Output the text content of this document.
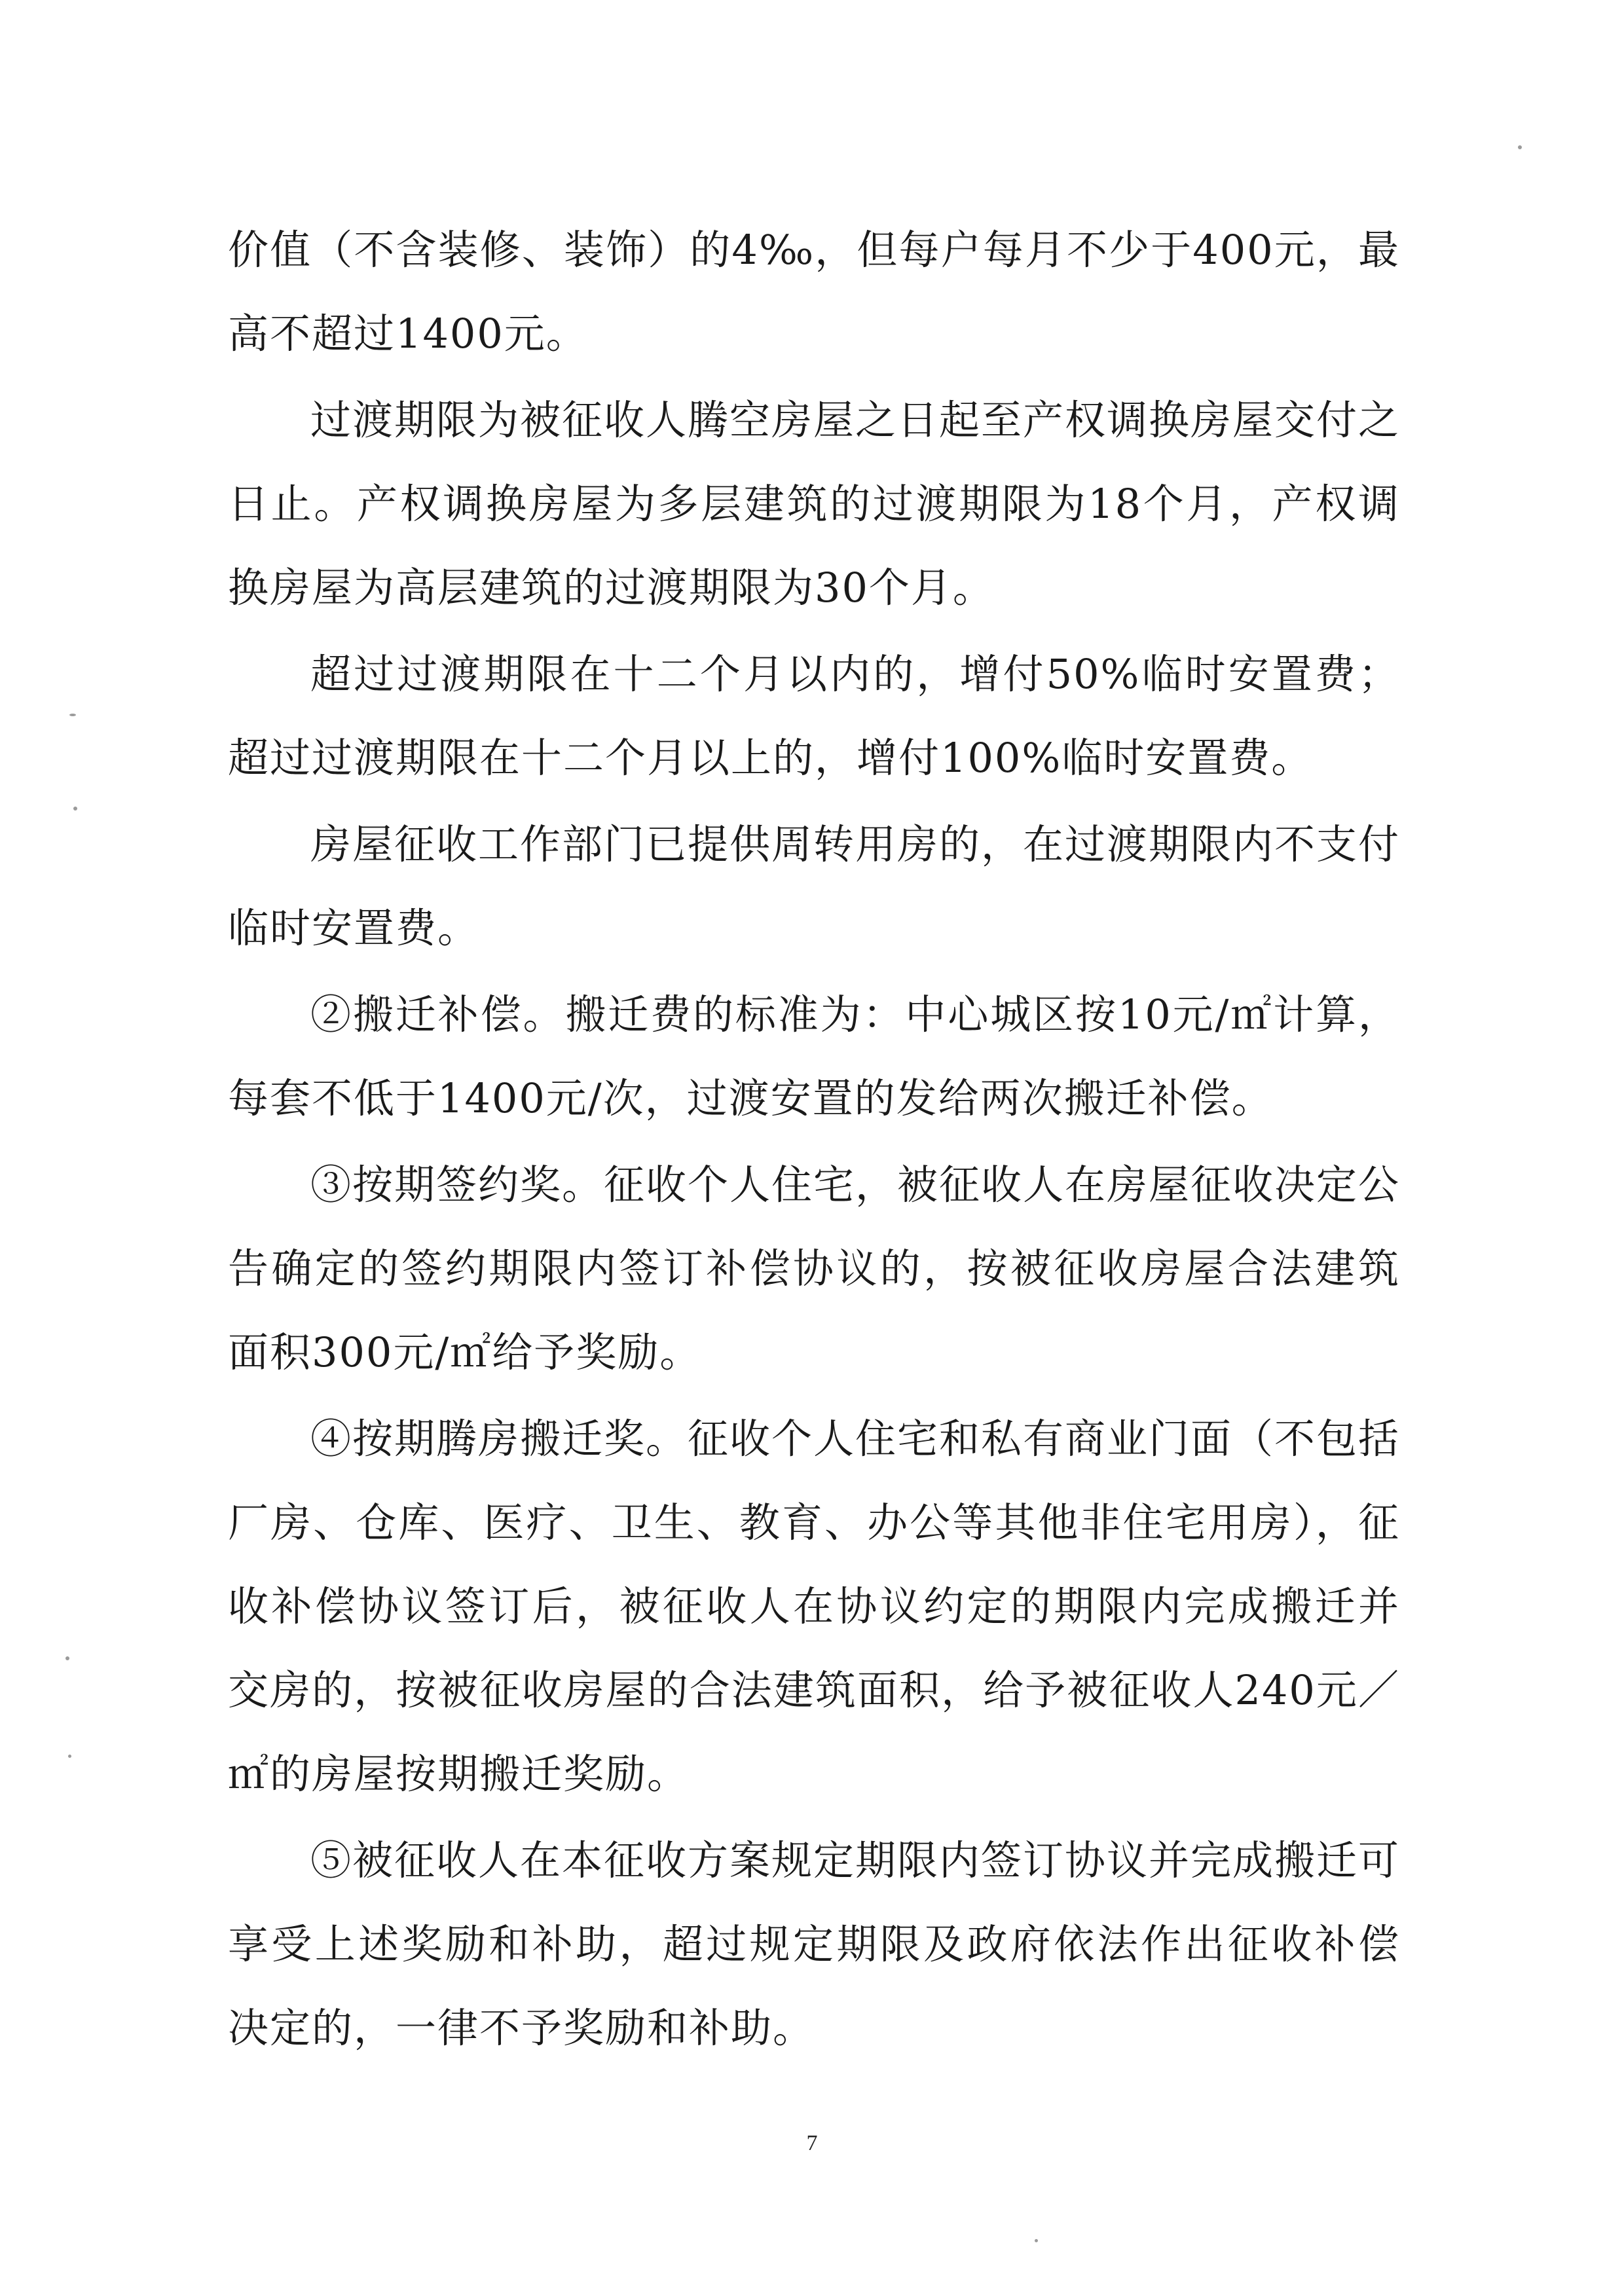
价值（不含装修、装饰）的4‰，但每户每月不少于400元，最高不超过1400元。

过渡期限为被征收人腾空房屋之日起至产权调换房屋交付之日止。产权调换房屋为多层建筑的过渡期限为18个月，产权调换房屋为高层建筑的过渡期限为30个月。

超过过渡期限在十二个月以内的，增付50%临时安置费；超过过渡期限在十二个月以上的，增付100%临时安置费。

房屋征收工作部门已提供周转用房的，在过渡期限内不支付临时安置费。

②搬迁补偿。搬迁费的标准为：中心城区按10元/㎡计算，每套不低于1400元/次，过渡安置的发给两次搬迁补偿。

③按期签约奖。征收个人住宅，被征收人在房屋征收决定公告确定的签约期限内签订补偿协议的，按被征收房屋合法建筑面积300元/㎡给予奖励。

④按期腾房搬迁奖。征收个人住宅和私有商业门面（不包括厂房、仓库、医疗、卫生、教育、办公等其他非住宅用房），征收补偿协议签订后，被征收人在协议约定的期限内完成搬迁并交房的，按被征收房屋的合法建筑面积，给予被征收人240元／㎡的房屋按期搬迁奖励。

⑤被征收人在本征收方案规定期限内签订协议并完成搬迁可享受上述奖励和补助，超过规定期限及政府依法作出征收补偿决定的，一律不予奖励和补助。

7
